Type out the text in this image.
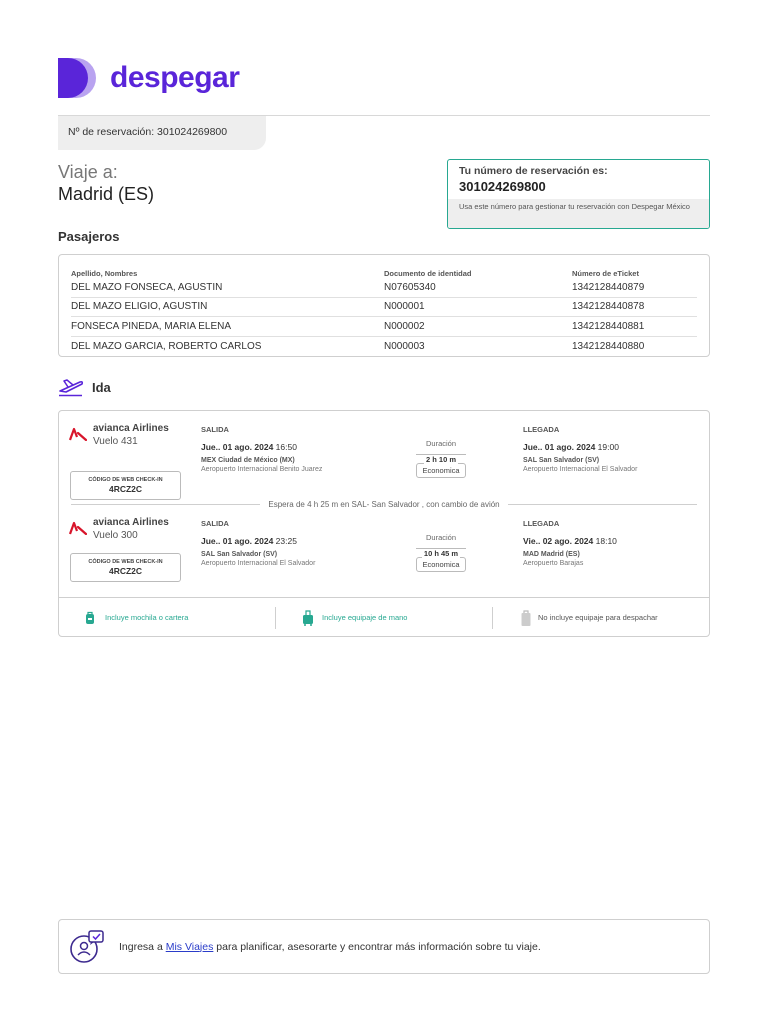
despegar
Nº de reservación: 301024269800
Viaje a:
Madrid (ES)
Tu número de reservación es:
301024269800
Usa este número para gestionar tu reservación con Despegar México
Pasajeros
Apellido, Nombres	Documento de identidad	Número de eTicket
DEL MAZO FONSECA, AGUSTIN	N07605340	1342128440879
DEL MAZO ELIGIO, AGUSTIN	N000001	1342128440878
FONSECA PINEDA, MARIA ELENA	N000002	1342128440881
DEL MAZO GARCIA, ROBERTO CARLOS	N000003	1342128440880
Ida
avianca Airlines
Vuelo 431
CÓDIGO DE WEB CHECK-IN
4RCZ2C
SALIDA
Jue.. 01 ago. 2024 16:50
MEX Ciudad de México (MX)
Aeropuerto Internacional Benito Juarez
Duración
2 h 10 m
Economica
LLEGADA
Jue.. 01 ago. 2024 19:00
SAL San Salvador (SV)
Aeropuerto Internacional El Salvador
Espera de 4 h 25 m en SAL- San Salvador , con cambio de avión
avianca Airlines
Vuelo 300
CÓDIGO DE WEB CHECK-IN
4RCZ2C
SALIDA
Jue.. 01 ago. 2024 23:25
SAL San Salvador (SV)
Aeropuerto Internacional El Salvador
Duración
10 h 45 m
Economica
LLEGADA
Vie.. 02 ago. 2024 18:10
MAD Madrid (ES)
Aeropuerto Barajas
Incluye mochila o cartera	Incluye equipaje de mano	No incluye equipaje para despachar
Ingresa a Mis Viajes para planificar, asesorarte y encontrar más información sobre tu viaje.
